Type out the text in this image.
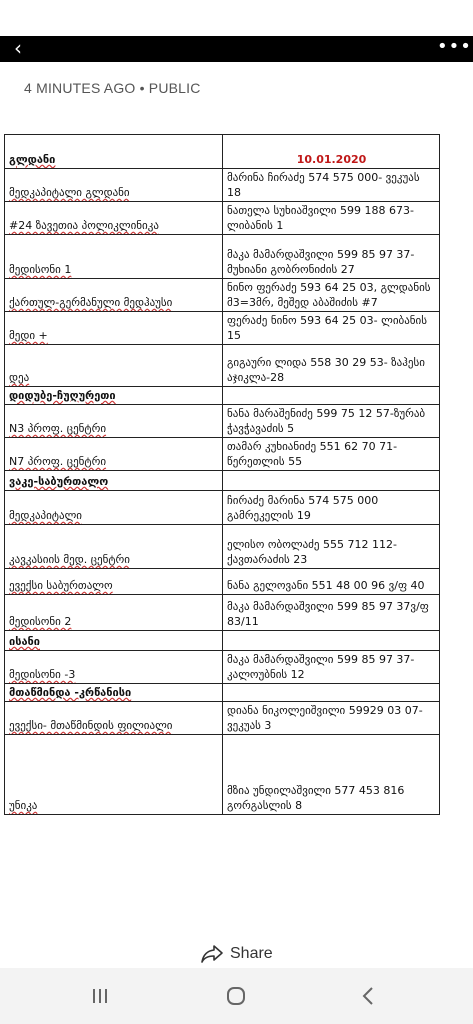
‹	•••
4 MINUTES AGO • PUBLIC
გლდანი	10.01.2020	
მედკაპიტალი გლდანი	მარინა ჩირაძე 574 575 000- ვეკუას 18	
#24 ზავეთია პოლიკლინიკა	ნათელა სუხიაშვილი 599 188 673- ლიბანის 1	
მედისონი 1	მაკა მამარდაშვილი 599 85 97 37- მუხიანი გობრონიძის 27	
ქართულ-გერმანული მედჰაუსი	ნინო ფერაძე 593 64 25 03, გლდანის მ3=3მრ, მეშედ აბაშიძის #7	
მედი +	ფერაძე ნინო 593 64 25 03- ლიბანის 15	
დეა	გიგაური ლიდა 558 30 29 53- ზაჰესი აჯიკლა-28	
დიდუბე-ჩუღურეთი		
N3 პროფ. ცენტრი	ნანა მარაშენიძე 599 75 12 57-ზურაბ ჭავჭავაძის 5	
N7 პროფ. ცენტრი	თამარ კუხიანიძე 551 62 70 71- წერეთლის 55	
ვაკე-საბურთალო		
მედკაპიტალი	ჩირაძე მარინა 574 575 000 გამრეკელის 19	
კავკასიის მედ. ცენტრი	ელისო ობოლაძე 555 712 112- ქავთარაძის 23	
ევექსი საბურთალო	ნანა გელოვანი 551 48 00 96 ვ/ფ 40	
მედისონი 2	მაკა მამარდაშვილი 599 85 97 37ვ/ფ 83/11	
ისანი		
მედისონი -3	მაკა მამარდაშვილი 599 85 97 37- კალოუბნის 12	
მთაწმინდა -კრწანისი		
ევექსი- მთაწმინდის ფილიალი	დიანა ნიკოლეიშვილი 59929 03 07- ვეკუას 3	
უნიკა	მზია უნდილაშვილი 577 453 816 გორგასლის 8	
Share
